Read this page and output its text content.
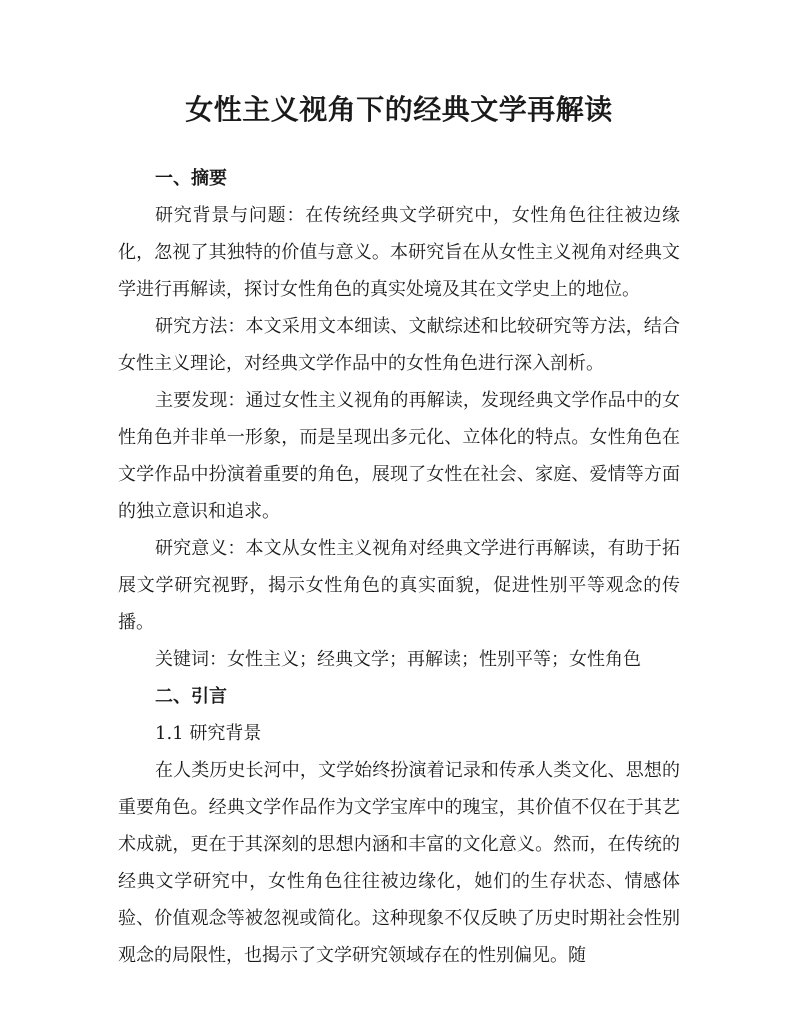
女性主义视角下的经典文学再解读

一、摘要

研究背景与问题：在传统经典文学研究中，女性角色往往被边缘化，忽视了其独特的价值与意义。本研究旨在从女性主义视角对经典文学进行再解读，探讨女性角色的真实处境及其在文学史上的地位。

研究方法：本文采用文本细读、文献综述和比较研究等方法，结合女性主义理论，对经典文学作品中的女性角色进行深入剖析。

主要发现：通过女性主义视角的再解读，发现经典文学作品中的女性角色并非单一形象，而是呈现出多元化、立体化的特点。女性角色在文学作品中扮演着重要的角色，展现了女性在社会、家庭、爱情等方面的独立意识和追求。

研究意义：本文从女性主义视角对经典文学进行再解读，有助于拓展文学研究视野，揭示女性角色的真实面貌，促进性别平等观念的传播。

关键词：女性主义；经典文学；再解读；性别平等；女性角色

二、引言

1.1 研究背景

在人类历史长河中，文学始终扮演着记录和传承人类文化、思想的重要角色。经典文学作品作为文学宝库中的瑰宝，其价值不仅在于其艺术成就，更在于其深刻的思想内涵和丰富的文化意义。然而，在传统的经典文学研究中，女性角色往往被边缘化，她们的生存状态、情感体验、价值观念等被忽视或简化。这种现象不仅反映了历史时期社会性别观念的局限性，也揭示了文学研究领域存在的性别偏见。随
